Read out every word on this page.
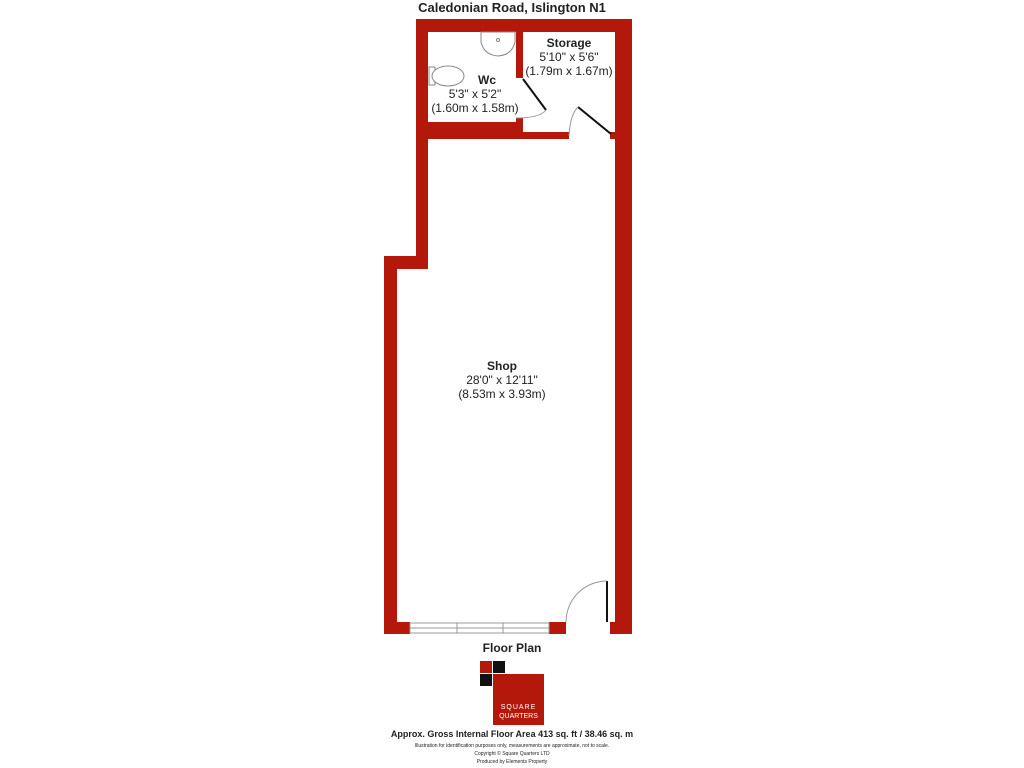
Caledonian Road, Islington N1
Storage
5'10" x 5'6"
(1.79m x 1.67m)
Wc
5'3" x 5'2"
(1.60m x 1.58m)
Shop
28'0" x 12'11"
(8.53m x 3.93m)
Floor Plan
SQUARE
QUARTERS
Approx. Gross Internal Floor Area 413 sq. ft / 38.46 sq. m
Illustration for identification purposes only, measurements are approximate, not to scale.
Copyright © Square Quarters LTD
Produced by Elements Property
